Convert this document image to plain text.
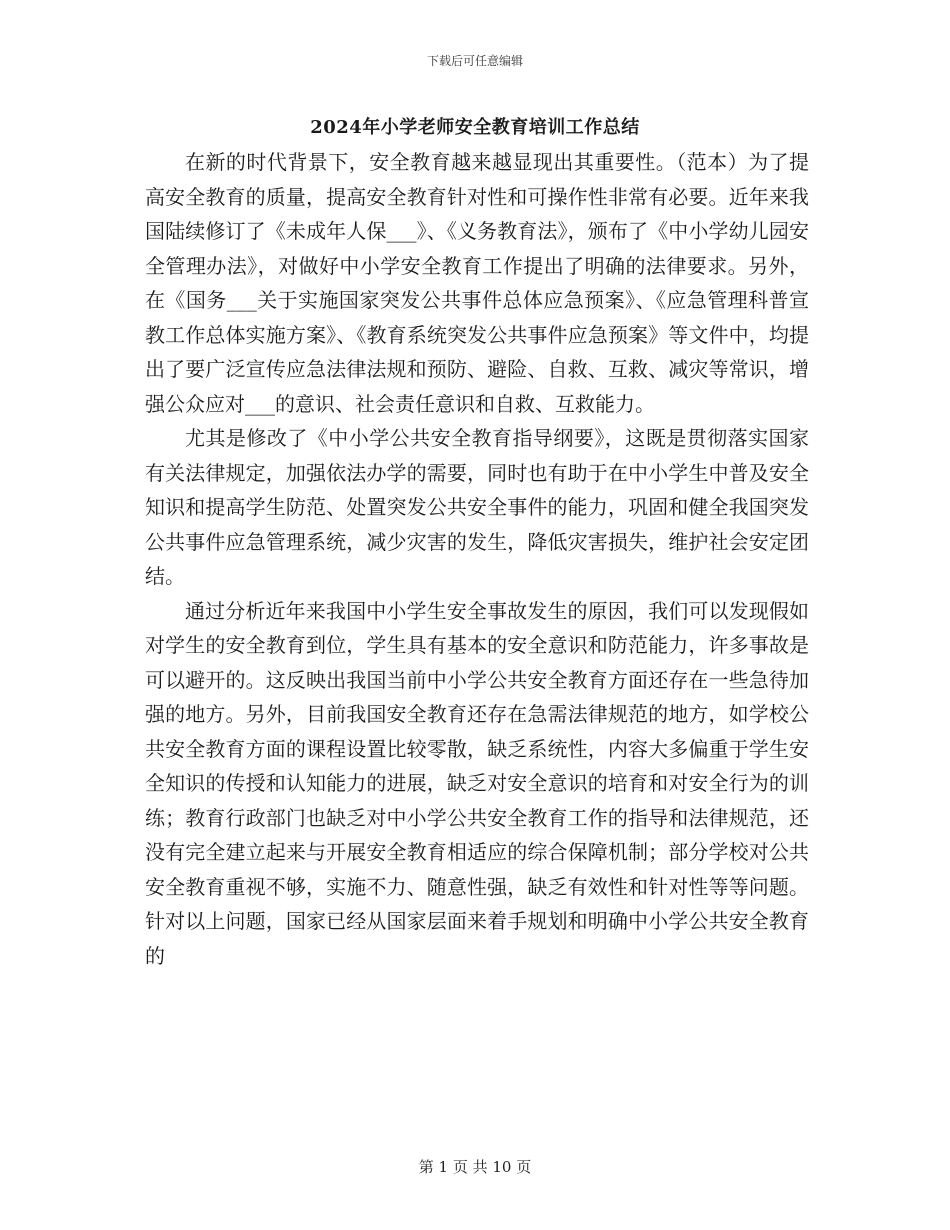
下载后可任意编辑
2024年小学老师安全教育培训工作总结

在新的时代背景下，安全教育越来越显现出其重要性。（范本）为了提高安全教育的质量，提高安全教育针对性和可操作性非常有必要。近年来我国陆续修订了《未成年人保___》、《义务教育法》，颁布了《中小学幼儿园安全管理办法》，对做好中小学安全教育工作提出了明确的法律要求。另外，在《国务___关于实施国家突发公共事件总体应急预案》、《应急管理科普宣教工作总体实施方案》、《教育系统突发公共事件应急预案》等文件中，均提出了要广泛宣传应急法律法规和预防、避险、自救、互救、减灾等常识，增强公众应对___的意识、社会责任意识和自救、互救能力。

尤其是修改了《中小学公共安全教育指导纲要》，这既是贯彻落实国家有关法律规定，加强依法办学的需要，同时也有助于在中小学生中普及安全知识和提高学生防范、处置突发公共安全事件的能力，巩固和健全我国突发公共事件应急管理系统，减少灾害的发生，降低灾害损失，维护社会安定团结。

通过分析近年来我国中小学生安全事故发生的原因，我们可以发现假如对学生的安全教育到位，学生具有基本的安全意识和防范能力，许多事故是可以避开的。这反映出我国当前中小学公共安全教育方面还存在一些急待加强的地方。另外，目前我国安全教育还存在急需法律规范的地方，如学校公共安全教育方面的课程设置比较零散，缺乏系统性，内容大多偏重于学生安全知识的传授和认知能力的进展，缺乏对安全意识的培育和对安全行为的训练；教育行政部门也缺乏对中小学公共安全教育工作的指导和法律规范，还没有完全建立起来与开展安全教育相适应的综合保障机制；部分学校对公共安全教育重视不够，实施不力、随意性强，缺乏有效性和针对性等等问题。针对以上问题，国家已经从国家层面来着手规划和明确中小学公共安全教育的

第 1 页 共 10 页
